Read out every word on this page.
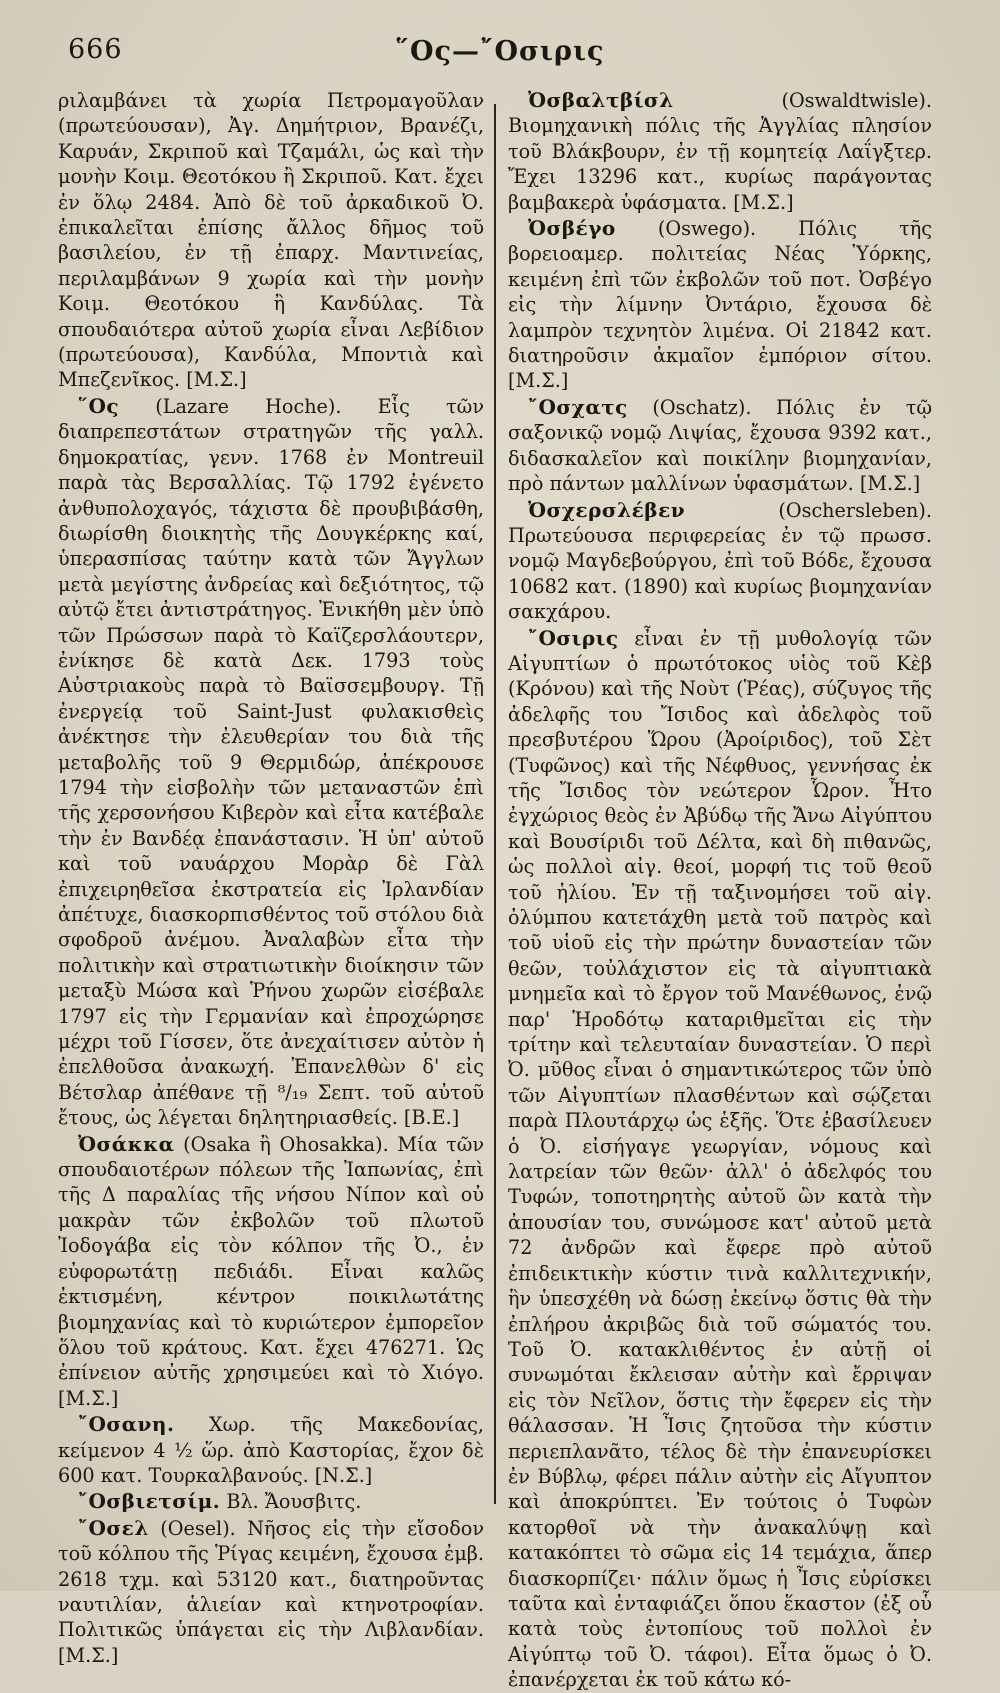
666	῞Ος—῎Οσιρις

ριλαμβάνει τὰ χωρία Πετρομαγοῦλαν (πρωτεύουσαν), Ἀγ. Δημήτριον, Βρανέζι, Καρυάν, Σκριποῦ καὶ Τζαμάλι, ὡς καὶ τὴν μονὴν Κοιμ. Θεοτόκου ἢ Σκριποῦ. Κατ. ἔχει ἐν ὅλῳ 2484. Ἀπὸ δὲ τοῦ ἀρκαδικοῦ Ὀ. ἐπικαλεῖται ἐπίσης ἄλλος δῆμος τοῦ βασιλείου, ἐν τῇ ἐπαρχ. Μαντινείας, περιλαμβάνων 9 χωρία καὶ τὴν μονὴν Κοιμ. Θεοτόκου ἢ Κανδύλας. Τὰ σπουδαιότερα αὐτοῦ χωρία εἶναι Λεβίδιον (πρωτεύουσα), Κανδύλα, Μποντιὰ καὶ Μπεζενῖκος. [Μ.Σ.]

῞Ος (Lazare Hoche). Εἷς τῶν διαπρεπεστάτων στρατηγῶν τῆς γαλλ. δημοκρατίας, γενν. 1768 ἐν Montreuil παρὰ τὰς Βερσαλλίας. Τῷ 1792 ἐγένετο ἀνθυπολοχαγός, τάχιστα δὲ προυβιβάσθη, διωρίσθη διοικητὴς τῆς Δουγκέρκης καί, ὑπερασπίσας ταύτην κατὰ τῶν Ἄγγλων μετὰ μεγίστης ἀνδρείας καὶ δεξιότητος, τῷ αὐτῷ ἔτει ἀντιστράτηγος. Ἐνικήθη μὲν ὑπὸ τῶν Πρώσσων παρὰ τὸ Καϊζερσλάουτερν, ἐνίκησε δὲ κατὰ Δεκ. 1793 τοὺς Αὐστριακοὺς παρὰ τὸ Βαϊσσεμβουργ. Τῇ ἐνεργείᾳ τοῦ Saint-Just φυλακισθεὶς ἀνέκτησε τὴν ἐλευθερίαν του διὰ τῆς μεταβολῆς τοῦ 9 Θερμιδώρ, ἀπέκρουσε 1794 τὴν εἰσβολὴν τῶν μεταναστῶν ἐπὶ τῆς χερσονήσου Κιβερὸν καὶ εἶτα κατέβαλε τὴν ἐν Βανδέᾳ ἐπανάστασιν. Ἡ ὑπ' αὐτοῦ καὶ τοῦ ναυάρχου Μορὰρ δὲ Γὰλ ἐπιχειρηθεῖσα ἐκστρατεία εἰς Ἰρλανδίαν ἀπέτυχε, διασκορπισθέντος τοῦ στόλου διὰ σφοδροῦ ἀνέμου. Ἀναλαβὼν εἶτα τὴν πολιτικὴν καὶ στρατιωτικὴν διοίκησιν τῶν μεταξὺ Μώσα καὶ Ῥήνου χωρῶν εἰσέβαλε 1797 εἰς τὴν Γερμανίαν καὶ ἐπροχώρησε μέχρι τοῦ Γίσσεν, ὅτε ἀνεχαίτισεν αὐτὸν ἡ ἐπελθοῦσα ἀνακωχή. Ἐπανελθὼν δ' εἰς Βέτσλαρ ἀπέθανε τῇ ⁸/₁₉ Σεπτ. τοῦ αὐτοῦ ἔτους, ὡς λέγεται δηλητηριασθείς. [Β.Ε.]

Ὀσάκκα (Osaka ἢ Ohosakka). Μία τῶν σπουδαιοτέρων πόλεων τῆς Ἰαπωνίας, ἐπὶ τῆς Δ παραλίας τῆς νήσου Νίπον καὶ οὐ μακρὰν τῶν ἐκβολῶν τοῦ πλωτοῦ Ἰοδογάβα εἰς τὸν κόλπον τῆς Ὀ., ἐν εὐφορωτάτῃ πεδιάδι. Εἶναι καλῶς ἐκτισμένη, κέντρον ποικιλωτάτης βιομηχανίας καὶ τὸ κυριώτερον ἐμπορεῖον ὅλου τοῦ κράτους. Κατ. ἔχει 476271. Ὡς ἐπίνειον αὐτῆς χρησιμεύει καὶ τὸ Χιόγο. [Μ.Σ.]

῎Οσανη. Χωρ. τῆς Μακεδονίας, κείμενον 4 ½ ὥρ. ἀπὸ Καστορίας, ἔχον δὲ 600 κατ. Τουρκαλβανούς. [Ν.Σ.]

῎Οσβιετσίμ. Βλ. Ἄουσβιτς.

῎Οσελ (Oesel). Νῆσος εἰς τὴν εἴσοδον τοῦ κόλπου τῆς Ῥίγας κειμένη, ἔχουσα ἐμβ. 2618 τχμ. καὶ 53120 κατ., διατηροῦντας ναυτιλίαν, ἁλιείαν καὶ κτηνοτροφίαν. Πολιτικῶς ὑπάγεται εἰς τὴν Λιβλανδίαν. [Μ.Σ.]

Ὀσβαλτβίσλ	(Oswaldtwisle). Βιομηχανικὴ πόλις τῆς Ἀγγλίας πλησίον τοῦ Βλάκβουρν, ἐν τῇ κομητείᾳ Λαΐγξτερ. Ἔχει 13296 κατ., κυρίως παράγοντας βαμβακερὰ ὑφάσματα. [Μ.Σ.]

Ὀσβέγο (Oswego). Πόλις τῆς βορειοαμερ. πολιτείας Νέας Ὑόρκης, κειμένη ἐπὶ τῶν ἐκβολῶν τοῦ ποτ. Ὀσβέγο εἰς τὴν λίμνην Ὀντάριο, ἔχουσα δὲ λαμπρὸν τεχνητὸν λιμένα. Οἱ 21842 κατ. διατηροῦσιν ἀκμαῖον ἐμπόριον σίτου. [Μ.Σ.]

῎Οσχατς (Oschatz). Πόλις ἐν τῷ σαξονικῷ νομῷ Λιψίας, ἔχουσα 9392 κατ., διδασκαλεῖον καὶ ποικίλην βιομηχανίαν, πρὸ πάντων μαλλίνων ὑφασμάτων. [Μ.Σ.]

Ὀσχερσλέβεν	(Oschersleben). Πρωτεύουσα περιφερείας ἐν τῷ πρωσσ. νομῷ Μαγδεβούργου, ἐπὶ τοῦ Βόδε, ἔχουσα 10682 κατ. (1890) καὶ κυρίως βιομηχανίαν σακχάρου.

῎Οσιρις εἶναι ἐν τῇ μυθολογίᾳ τῶν Αἰγυπτίων ὁ πρωτότοκος υἱὸς τοῦ Κὲβ (Κρόνου) καὶ τῆς Νοὺτ (Ῥέας), σύζυγος τῆς ἀδελφῆς του Ἴσιδος καὶ ἀδελφὸς τοῦ πρεσβυτέρου Ὥρου (Ἀροίριδος), τοῦ Σὲτ (Τυφῶνος) καὶ τῆς Νέφθυος, γεννήσας ἐκ τῆς Ἴσιδος τὸν νεώτερον Ὧρον. Ἦτο ἐγχώριος θεὸς ἐν Ἀβύδῳ τῆς Ἄνω Αἰγύπτου καὶ Βουσίριδι τοῦ Δέλτα, καὶ δὴ πιθανῶς, ὡς πολλοὶ αἰγ. θεοί, μορφή τις τοῦ θεοῦ τοῦ ἡλίου. Ἐν τῇ ταξινομήσει τοῦ αἰγ. ὀλύμπου κατετάχθη μετὰ τοῦ πατρὸς καὶ τοῦ υἱοῦ εἰς τὴν πρώτην δυναστείαν τῶν θεῶν, τοὐλάχιστον εἰς τὰ αἰγυπτιακὰ μνημεῖα καὶ τὸ ἔργον τοῦ Μανέθωνος, ἐνῷ παρ' Ἡροδότῳ καταριθμεῖται εἰς τὴν τρίτην καὶ τελευταίαν δυναστείαν. Ὁ περὶ Ὀ. μῦθος εἶναι ὁ σημαντικώτερος τῶν ὑπὸ τῶν Αἰγυπτίων πλασθέντων καὶ σῴζεται παρὰ Πλουτάρχῳ ὡς ἑξῆς. Ὅτε ἐβασίλευεν ὁ Ὀ. εἰσήγαγε γεωργίαν, νόμους καὶ λατρείαν τῶν θεῶν· ἀλλ' ὁ ἀδελφός του Τυφών, τοποτηρητὴς αὐτοῦ ὢν κατὰ τὴν ἀπουσίαν του, συνώμοσε κατ' αὐτοῦ μετὰ 72 ἀνδρῶν καὶ ἔφερε πρὸ αὐτοῦ ἐπιδεικτικὴν κύστιν τινὰ καλλιτεχνικήν, ἣν ὑπεσχέθη νὰ δώσῃ ἐκείνῳ ὅστις θὰ τὴν ἐπλήρου ἀκριβῶς διὰ τοῦ σώματός του. Τοῦ Ὀ. κατακλιθέντος ἐν αὐτῇ οἱ συνωμόται ἔκλεισαν αὐτὴν καὶ ἔρριψαν εἰς τὸν Νεῖλον, ὅστις τὴν ἔφερεν εἰς τὴν θάλασσαν. Ἡ Ἶσις ζητοῦσα τὴν κύστιν περιεπλανᾶτο, τέλος δὲ τὴν ἐπανευρίσκει ἐν Βύβλῳ, φέρει πάλιν αὐτὴν εἰς Αἴγυπτον καὶ ἀποκρύπτει. Ἐν τούτοις ὁ Τυφὼν κατορθοῖ νὰ τὴν ἀνακαλύψῃ καὶ κατακόπτει τὸ σῶμα εἰς 14 τεμάχια, ἅπερ διασκορπίζει· πάλιν ὅμως ἡ Ἶσις εὑρίσκει ταῦτα καὶ ἐνταφιάζει ὅπου ἕκαστον (ἐξ οὗ κατὰ τοὺς ἐντοπίους τοῦ πολλοὶ ἐν Αἰγύπτῳ τοῦ Ὀ. τάφοι). Εἶτα ὅμως ὁ Ὀ. ἐπανέρχεται ἐκ τοῦ κάτω κό-
